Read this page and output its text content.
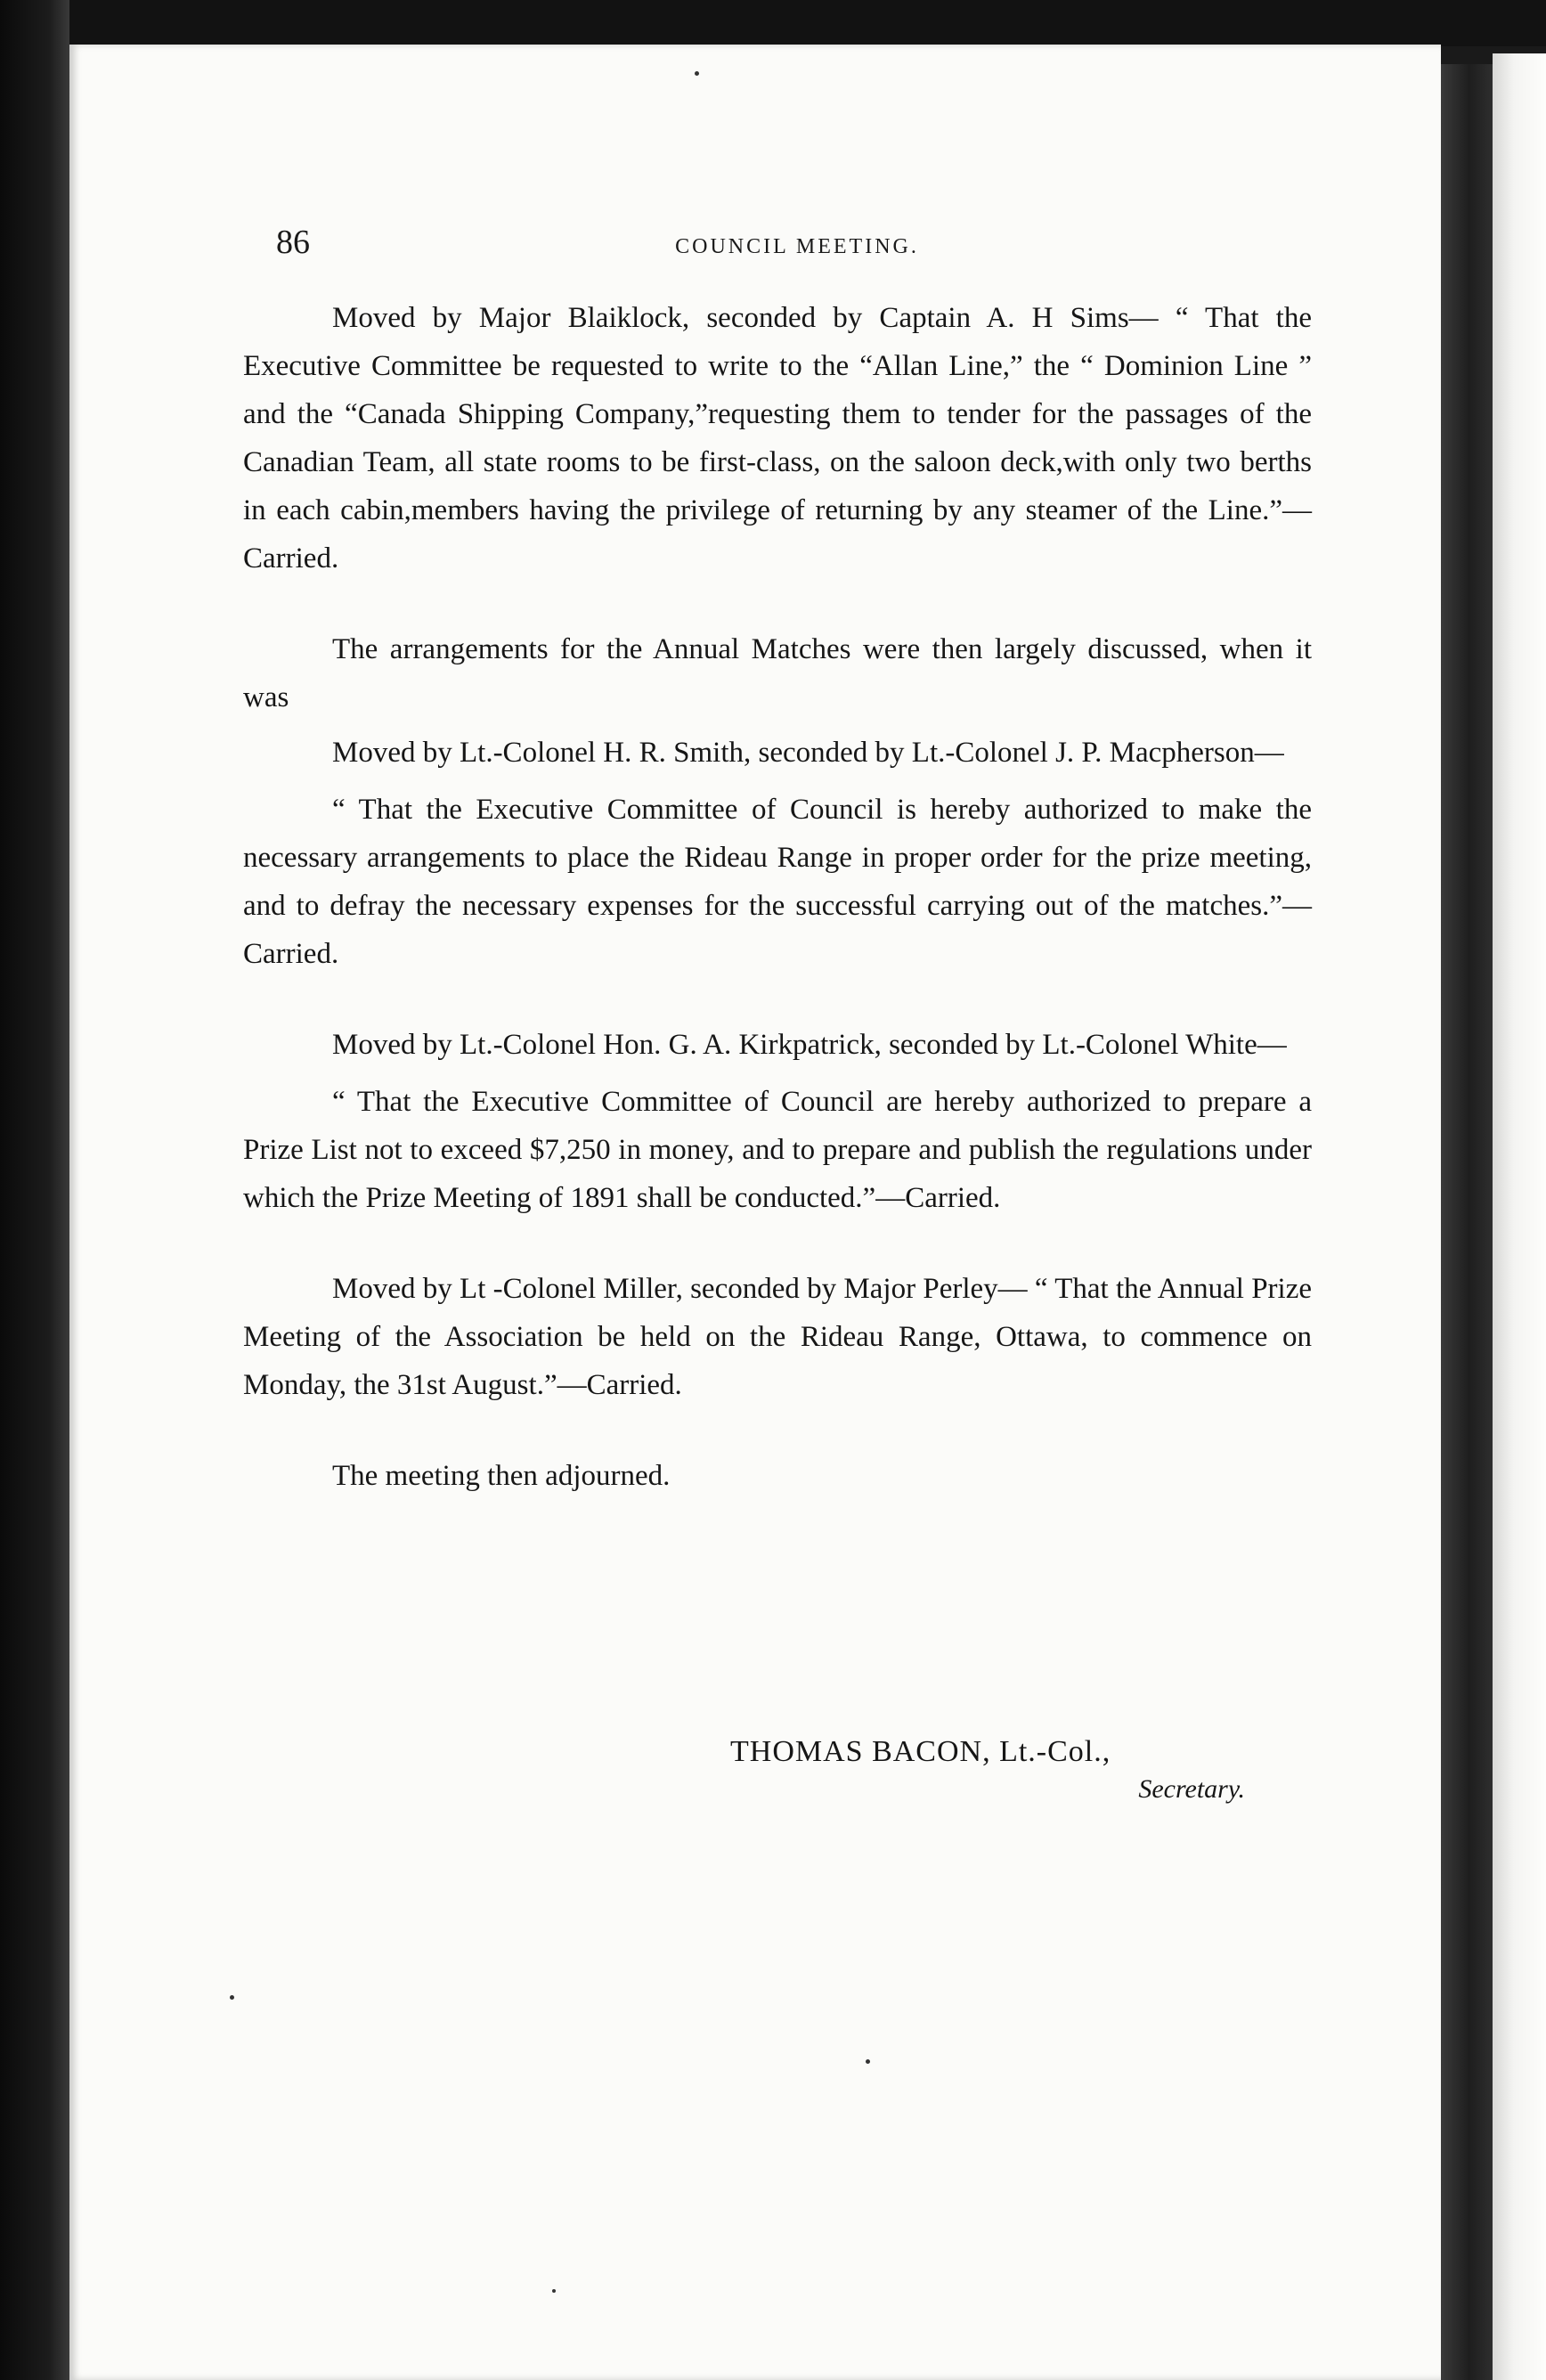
86	COUNCIL MEETING.

Moved by Major Blaiklock, seconded by Captain A. H Sims— “ That the Executive Committee be requested to write to the “Allan Line,” the “ Dominion Line ” and the “Canada Shipping Company,”requesting them to tender for the passages of the Canadian Team, all state rooms to be first-class, on the saloon deck,with only two berths in each cabin,members having the privilege of returning by any steamer of the Line.”—Carried.

The arrangements for the Annual Matches were then largely discussed, when it was

Moved by Lt.-Colonel H. R. Smith, seconded by Lt.-Colonel J. P. Macpherson—

“ That the Executive Committee of Council is hereby authorized to make the necessary arrangements to place the Rideau Range in proper order for the prize meeting, and to defray the necessary expenses for the successful carrying out of the matches.”—Carried.

Moved by Lt.-Colonel Hon. G. A. Kirkpatrick, seconded by Lt.-Colonel White—

“ That the Executive Committee of Council are hereby authorized to prepare a Prize List not to exceed $7,250 in money, and to prepare and publish the regulations under which the Prize Meeting of 1891 shall be conducted.”—Carried.

Moved by Lt -Colonel Miller, seconded by Major Perley— “ That the Annual Prize Meeting of the Association be held on the Rideau Range, Ottawa, to commence on Monday, the 31st August.”—Carried.

The meeting then adjourned.

THOMAS BACON, Lt.-Col.,
Secretary.
